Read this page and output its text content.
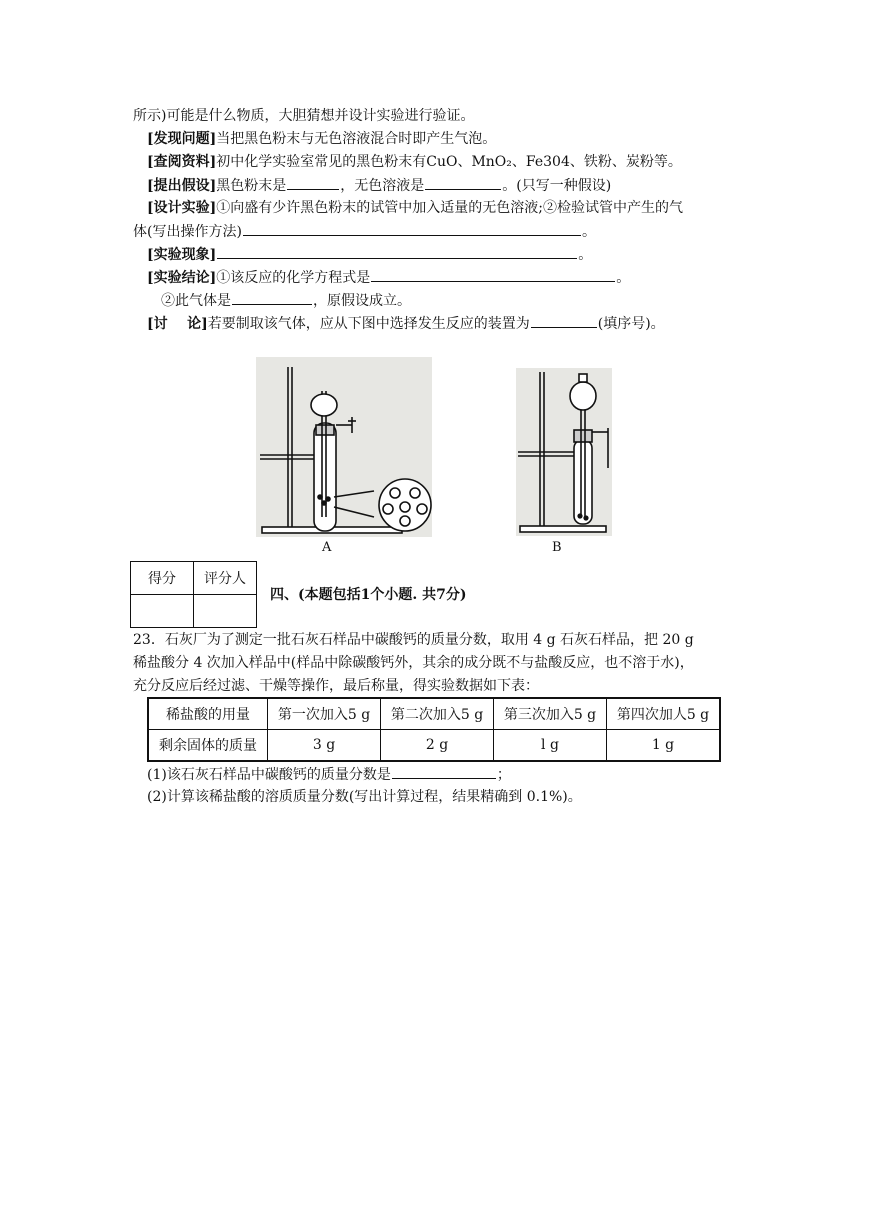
所示)可能是什么物质，大胆猜想并设计实验进行验证。
[发现问题]当把黑色粉末与无色溶液混合时即产生气泡。
[查阅资料]初中化学实验室常见的黑色粉末有CuO、MnO₂、Fe304、铁粉、炭粉等。
[提出假设]黑色粉末是	，无色溶液是	。(只写一种假设)
[设计实验]①向盛有少许黑色粉末的试管中加入适量的无色溶液;②检验试管中产生的气
体(写出操作方法)	。
[实验现象]	。
[实验结论]①该反应的化学方程式是	。
②此气体是	，原假设成立。
[讨    论]若要制取该气体，应从下图中选择发生反应的装置为	(填序号)。
A	B
得分	评分人

四、(本题包括1个小题. 共7分)
23．石灰厂为了测定一批石灰石样品中碳酸钙的质量分数，取用 4 g 石灰石样品，把 20 g
稀盐酸分 4 次加入样品中(样品中除碳酸钙外，其余的成分既不与盐酸反应，也不溶于水)，
充分反应后经过滤、干燥等操作，最后称量，得实验数据如下表：
稀盐酸的用量	第一次加入5 g	第二次加入5 g	第三次加入5 g	第四次加人5 g
剩余固体的质量	3 g	2 g	l g	1 g
(1)该石灰石样品中碳酸钙的质量分数是	；
(2)计算该稀盐酸的溶质质量分数(写出计算过程，结果精确到 0.1%)。
